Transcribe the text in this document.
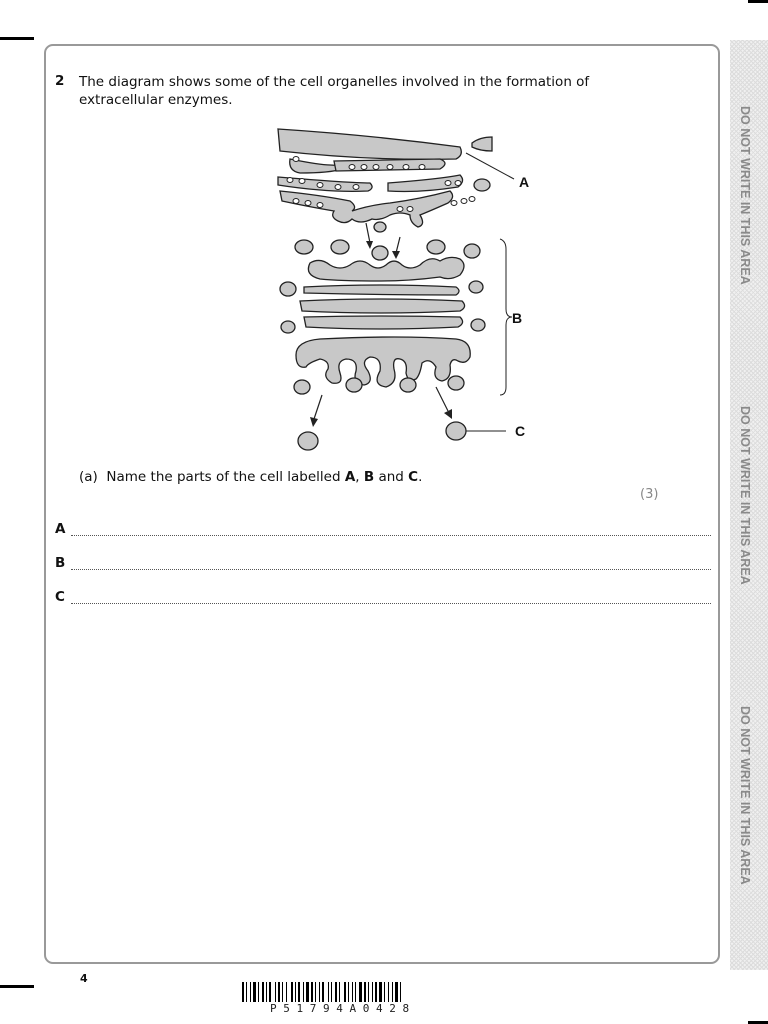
2 The diagram shows some of the cell organelles involved in the formation of extracellular enzymes.
A
B
C
(a) Name the parts of the cell labelled A, B and C.
(3)
A
B
C
DO NOT WRITE IN THIS AREA
DO NOT WRITE IN THIS AREA
DO NOT WRITE IN THIS AREA
4
P 5 1 7 9 4 A 0 4 2 8
